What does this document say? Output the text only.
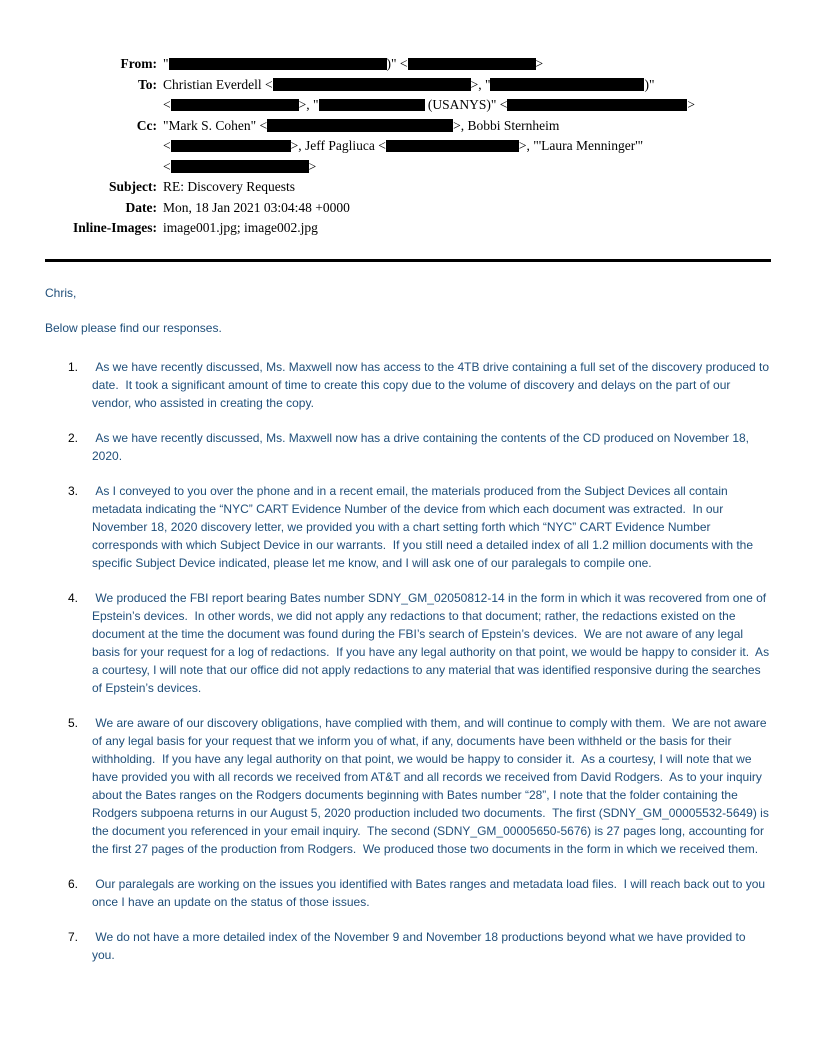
From: "	)" <	>
To: Christian Everdell <	>, "	)"
<	>, "	(USANYS)" <	>
Cc: "Mark S. Cohen" <	>, Bobbi Sternheim
<	>, Jeff Pagliuca <	>, "'Laura Menninger'"
<	>
Subject: RE: Discovery Requests
Date: Mon, 18 Jan 2021 03:04:48 +0000
Inline-Images: image001.jpg; image002.jpg

Chris,

Below please find our responses.

1.	As we have recently discussed, Ms. Maxwell now has access to the 4TB drive containing a full set of the discovery produced to date.  It took a significant amount of time to create this copy due to the volume of discovery and delays on the part of our vendor, who assisted in creating the copy.
2.	As we have recently discussed, Ms. Maxwell now has a drive containing the contents of the CD produced on November 18, 2020.
3.	As I conveyed to you over the phone and in a recent email, the materials produced from the Subject Devices all contain metadata indicating the “NYC” CART Evidence Number of the device from which each document was extracted.  In our November 18, 2020 discovery letter, we provided you with a chart setting forth which “NYC” CART Evidence Number corresponds with which Subject Device in our warrants.  If you still need a detailed index of all 1.2 million documents with the specific Subject Device indicated, please let me know, and I will ask one of our paralegals to compile one.
4.	We produced the FBI report bearing Bates number SDNY_GM_02050812-14 in the form in which it was recovered from one of Epstein’s devices.  In other words, we did not apply any redactions to that document; rather, the redactions existed on the document at the time the document was found during the FBI’s search of Epstein’s devices.  We are not aware of any legal basis for your request for a log of redactions.  If you have any legal authority on that point, we would be happy to consider it.  As a courtesy, I will note that our office did not apply redactions to any material that was identified responsive during the searches of Epstein’s devices.
5.	We are aware of our discovery obligations, have complied with them, and will continue to comply with them.  We are not aware of any legal basis for your request that we inform you of what, if any, documents have been withheld or the basis for their withholding.  If you have any legal authority on that point, we would be happy to consider it.  As a courtesy, I will note that we have provided you with all records we received from AT&T and all records we received from David Rodgers.  As to your inquiry about the Bates ranges on the Rodgers documents beginning with Bates number “28”, I note that the folder containing the Rodgers subpoena returns in our August 5, 2020 production included two documents.  The first (SDNY_GM_00005532-5649) is the document you referenced in your email inquiry.  The second (SDNY_GM_00005650-5676) is 27 pages long, accounting for the first 27 pages of the production from Rodgers.  We produced those two documents in the form in which we received them.
6.	Our paralegals are working on the issues you identified with Bates ranges and metadata load files.  I will reach back out to you once I have an update on the status of those issues.
7.	We do not have a more detailed index of the November 9 and November 18 productions beyond what we have provided to you.
